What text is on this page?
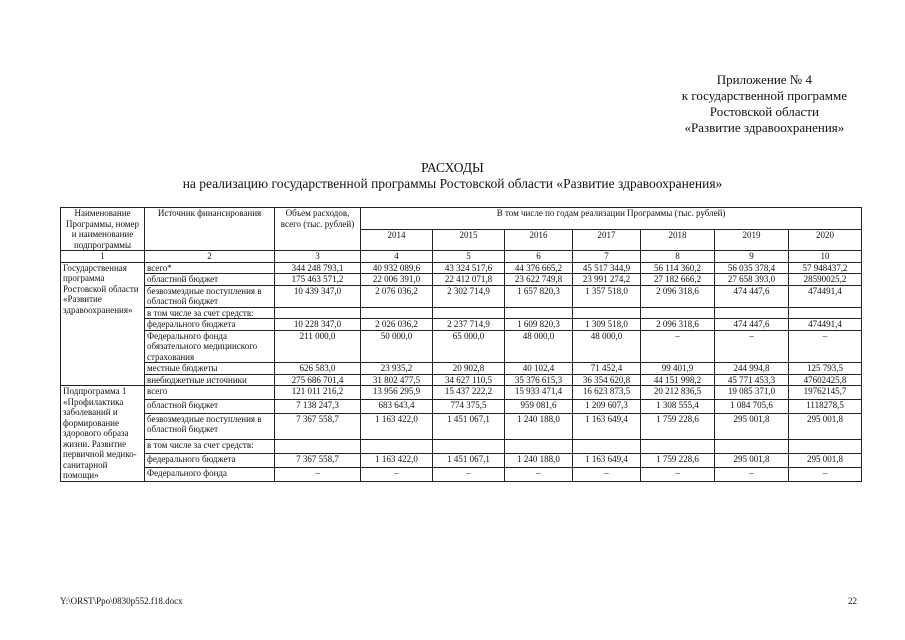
Приложение № 4
к государственной программе
Ростовской области
«Развитие здравоохранения»
РАСХОДЫ
на реализацию государственной программы Ростовской области «Развитие здравоохранения»
Наименование Программы, номер и наименование подпрограммы	Источник финансирования	Объем расходов, всего (тыс. рублей)	В том числе по годам реализации Программы (тыс. рублей)						
			2014	2015	2016	2017	2018	2019	2020
1	2	3	4	5	6	7	8	9	10
Государственная программа Ростовской области «Развитие здравоохранения»	всего*	344 248 793,1	40 932 089,6	43 324 517,6	44 376 665,2	45 517 344,9	56 114 360,2	56 035 378,4	57 948437,2
	областной бюджет	175 463 571,2	22 006 391,0	22 412 071,8	23 622 749,8	23 991 274,2	27 182 666,2	27 658 393,0	28590025,2
	безвозмездные поступления в областной бюджет	10 439 347,0	2 076 036,2	2 302 714,9	1 657 820,3	1 357 518,0	2 096 318,6	474 447,6	474491,4
	в том числе за счет средств:								
	федерального бюджета	10 228 347,0	2 026 036,2	2 237 714,9	1 609 820,3	1 309 518,0	2 096 318,6	474 447,6	474491,4
	Федерального фонда обязательного медицинского страхования	211 000,0	50 000,0	65 000,0	48 000,0	48 000,0	–	–	–
	местные бюджеты	626 583,0	23 935,2	20 902,8	40 102,4	71 452,4	99 401,9	244 994,8	125 793,5
	внебюджетные источники	275 686 701,4	31 802 477,5	34 627 110,5	35 376 615,3	36 354 620,8	44 151 998,2	45 771 453,3	47602425,8
Подпрограмма 1 «Профилактика заболеваний и формирование здорового образа жизни. Развитие первичной медико-санитарной помощи»	всего	121 011 216,2	13 956 295,9	15 437 222,2	15 933 471,4	16 623 873,5	20 212 836,5	19 085 371,0	19762145,7
	областной бюджет	7 138 247,3	683 643,4	774 375,5	959 081,6	1 209 607,3	1 308 555,4	1 084 705,6	1118278,5
	безвозмездные поступления в областной бюджет	7 367 558,7	1 163 422,0	1 451 067,1	1 240 188,0	1 163 649,4	1 759 228,6	295 001,8	295 001,8
	в том числе за счет средств:								
	федерального бюджета	7 367 558,7	1 163 422,0	1 451 067,1	1 240 188,0	1 163 649,4	1 759 228,6	295 001,8	295 001,8
	Федерального фонда	–	–	–	–	–	–	–	–
Y:\ORST\Ppo\0830p552.f18.docx	22
